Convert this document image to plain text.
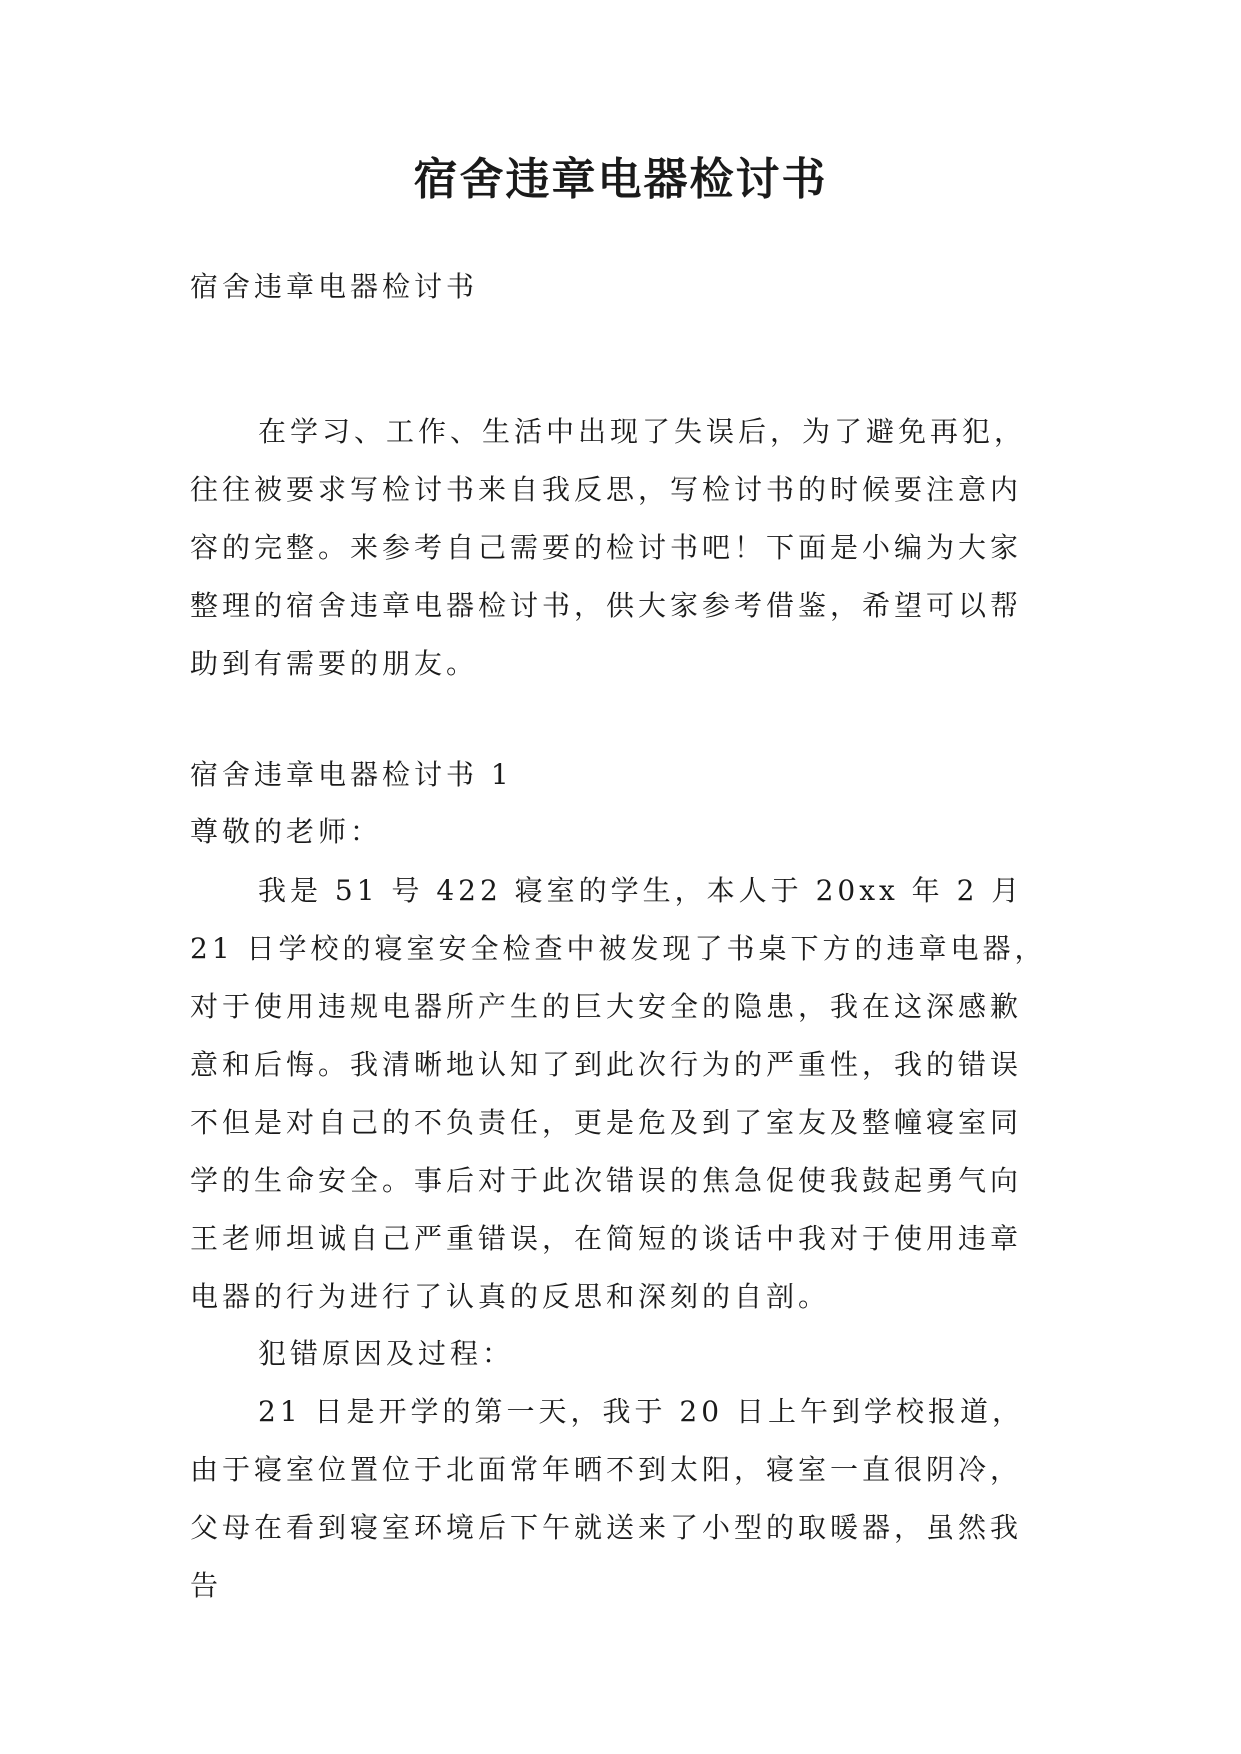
宿舍违章电器检讨书
宿舍违章电器检讨书
在学习、工作、生活中出现了失误后，为了避免再犯，往往被要求写检讨书来自我反思，写检讨书的时候要注意内容的完整。来参考自己需要的检讨书吧！下面是小编为大家整理的宿舍违章电器检讨书，供大家参考借鉴，希望可以帮助到有需要的朋友。
宿舍违章电器检讨书 1
尊敬的老师：
我是 51 号 422 寝室的学生，本人于 20xx 年 2 月 21 日学校的寝室安全检查中被发现了书桌下方的违章电器，对于使用违规电器所产生的巨大安全的隐患，我在这深感歉意和后悔。我清晰地认知了到此次行为的严重性，我的错误不但是对自己的不负责任，更是危及到了室友及整幢寝室同学的生命安全。事后对于此次错误的焦急促使我鼓起勇气向王老师坦诚自己严重错误，在简短的谈话中我对于使用违章电器的行为进行了认真的反思和深刻的自剖。
犯错原因及过程：
21 日是开学的第一天，我于 20 日上午到学校报道，由于寝室位置位于北面常年晒不到太阳，寝室一直很阴冷，父母在看到寝室环境后下午就送来了小型的取暖器，虽然我告
